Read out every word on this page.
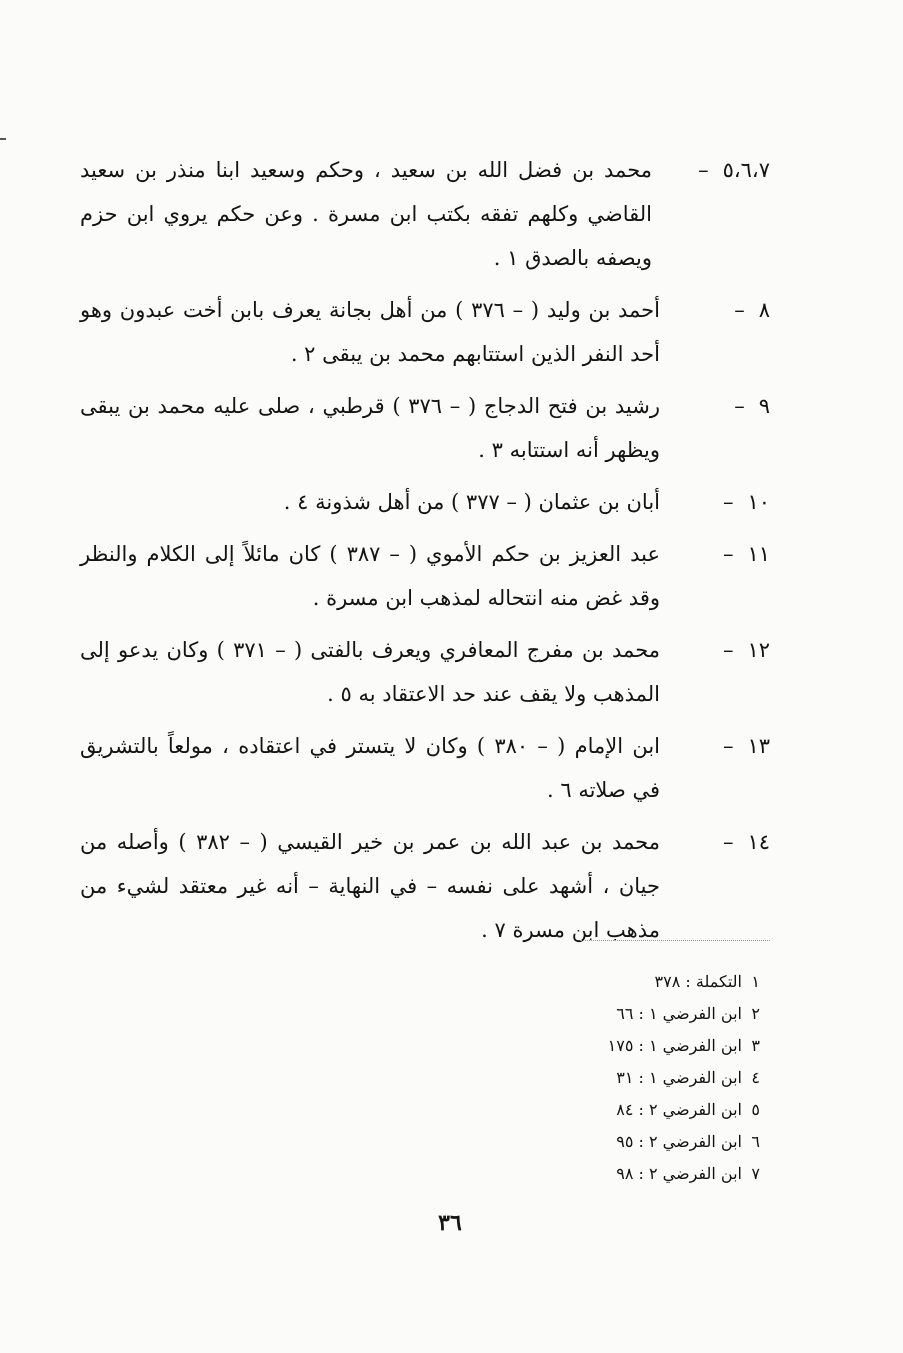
٥،٦،٧–
محمد بن فضل الله بن سعيد ، وحكم وسعيد ابنا منذر بن سعيد القاضي وكلهم تفقه بكتب ابن مسرة . وعن حكم يروي ابن حزم ويصفه بالصدق ١ .
٨–
أحمد بن وليد ( – ٣٧٦ ) من أهل بجانة يعرف بابن أخت عبدون وهو أحد النفر الذين استتابهم محمد بن يبقى ٢ .
٩–
رشيد بن فتح الدجاج ( – ٣٧٦ ) قرطبي ، صلى عليه محمد بن يبقى ويظهر أنه استتابه ٣ .
١٠–
أبان بن عثمان ( – ٣٧٧ ) من أهل شذونة ٤ .
١١–
عبد العزيز بن حكم الأموي ( – ٣٨٧ ) كان مائلاً إلى الكلام والنظر وقد غض منه انتحاله لمذهب ابن مسرة .
١٢–
محمد بن مفرج المعافري ويعرف بالفتى ( – ٣٧١ ) وكان يدعو إلى المذهب ولا يقف عند حد الاعتقاد به ٥ .
١٣–
ابن الإمام ( – ٣٨٠ ) وكان لا يتستر في اعتقاده ، مولعاً بالتشريق في صلاته ٦ .
١٤–
محمد بن عبد الله بن عمر بن خير القيسي ( – ٣٨٢ ) وأصله من جيان ، أشهد على نفسه – في النهاية – أنه غير معتقد لشيء من مذهب ابن مسرة ٧ .
١التكملة : ٣٧٨
٢ابن الفرضي ١ : ٦٦
٣ابن الفرضي ١ : ١٧٥
٤ابن الفرضي ١ : ٣١
٥ابن الفرضي ٢ : ٨٤
٦ابن الفرضي ٢ : ٩٥
٧ابن الفرضي ٢ : ٩٨
٣٦
